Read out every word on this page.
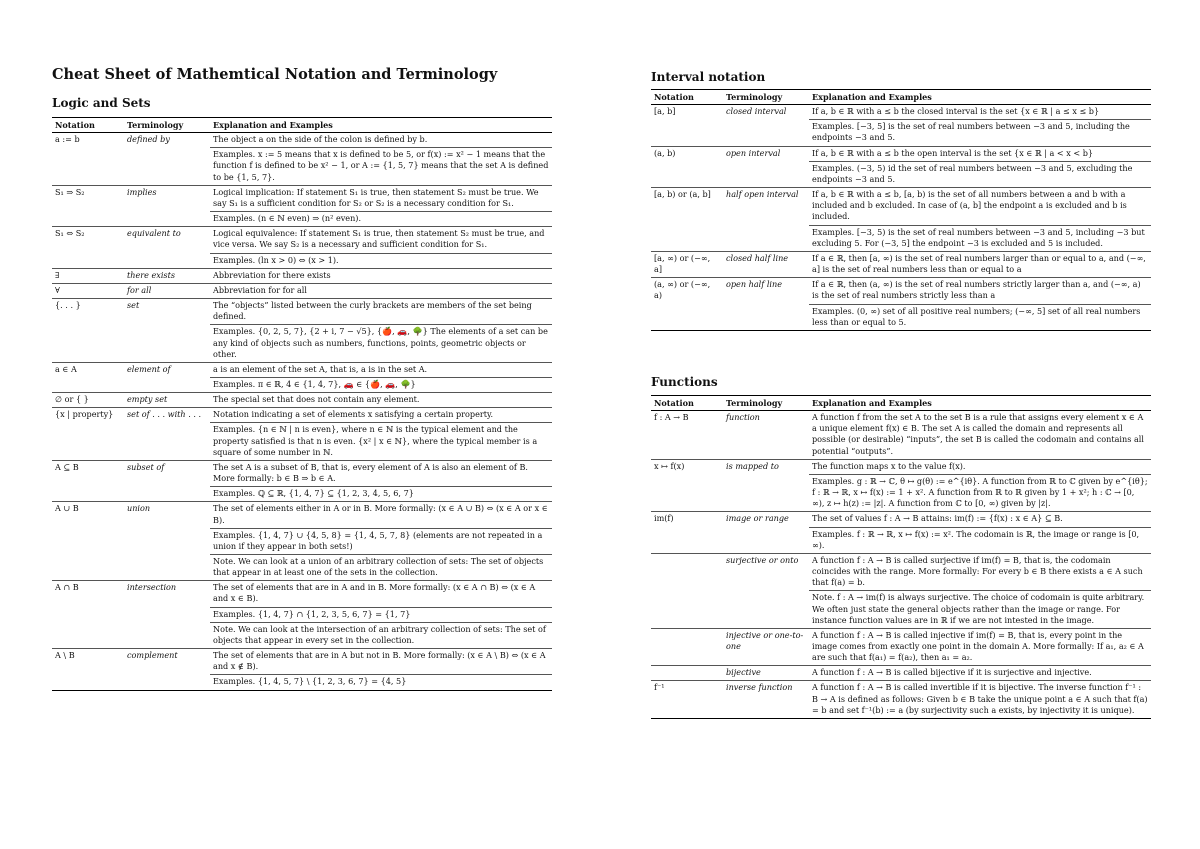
Cheat Sheet of Mathemtical Notation and Terminology
Logic and Sets
Notation	Terminology	Explanation and Examples
a := b	defined by	The object a on the side of the colon is defined by b.
		Examples. x := 5 means that x is defined to be 5, or f(x) := x² − 1 means that the function f is defined to be x² − 1, or A := {1, 5, 7} means that the set A is defined to be {1, 5, 7}.
S₁ ⇒ S₂	implies	Logical implication: If statement S₁ is true, then statement S₂ must be true. We say S₁ is a sufficient condition for S₂ or S₂ is a necessary condition for S₁.
		Examples. (n ∈ ℕ even) ⇒ (n² even).
S₁ ⇔ S₂	equivalent to	Logical equivalence: If statement S₁ is true, then statement S₂ must be true, and vice versa. We say S₂ is a necessary and sufficient condition for S₁.
		Examples. (ln x > 0) ⇔ (x > 1).
∃	there exists	Abbreviation for there exists
∀	for all	Abbreviation for for all
{. . . }	set	The “objects” listed between the curly brackets are members of the set being defined.
		Examples. {0, 2, 5, 7}, {2 + i, 7 − √5}, {🍎, 🚗, 🌳} The elements of a set can be any kind of objects such as numbers, functions, points, geometric objects or other.
a ∈ A	element of	a is an element of the set A, that is, a is in the set A.
		Examples. π ∈ ℝ, 4 ∈ {1, 4, 7}, 🚗 ∈ {🍎, 🚗, 🌳}
∅ or { }	empty set	The special set that does not contain any element.
{x | property}	set of . . . with . . .	Notation indicating a set of elements x satisfying a certain property.
		Examples. {n ∈ ℕ | n is even}, where n ∈ ℕ is the typical element and the property satisfied is that n is even. {x² | x ∈ ℕ}, where the typical member is a square of some number in ℕ.
A ⊆ B	subset of	The set A is a subset of B, that is, every element of A is also an element of B. More formally: b ∈ B ⇒ b ∈ A.
		Examples. ℚ ⊆ ℝ, {1, 4, 7} ⊆ {1, 2, 3, 4, 5, 6, 7}
A ∪ B	union	The set of elements either in A or in B. More formally: (x ∈ A ∪ B) ⇔ (x ∈ A or x ∈ B).
		Examples. {1, 4, 7} ∪ {4, 5, 8} = {1, 4, 5, 7, 8} (elements are not repeated in a union if they appear in both sets!)
		Note. We can look at a union of an arbitrary collection of sets: The set of objects that appear in at least one of the sets in the collection.
A ∩ B	intersection	The set of elements that are in A and in B. More formally: (x ∈ A ∩ B) ⇔ (x ∈ A and x ∈ B).
		Examples. {1, 4, 7} ∩ {1, 2, 3, 5, 6, 7} = {1, 7}
		Note. We can look at the intersection of an arbitrary collection of sets: The set of objects that appear in every set in the collection.
A \ B	complement	The set of elements that are in A but not in B. More formally: (x ∈ A \ B) ⇔ (x ∈ A and x ∉ B).
		Examples. {1, 4, 5, 7} \ {1, 2, 3, 6, 7} = {4, 5}
Interval notation
Notation	Terminology	Explanation and Examples
[a, b]	closed interval	If a, b ∈ ℝ with a ≤ b the closed interval is the set {x ∈ ℝ | a ≤ x ≤ b}
		Examples. [−3, 5] is the set of real numbers between −3 and 5, including the endpoints −3 and 5.
(a, b)	open interval	If a, b ∈ ℝ with a ≤ b the open interval is the set {x ∈ ℝ | a < x < b}
		Examples. (−3, 5) id the set of real numbers between −3 and 5, excluding the endpoints −3 and 5.
[a, b) or (a, b]	half open interval	If a, b ∈ ℝ with a ≤ b, [a, b) is the set of all numbers between a and b with a included and b excluded. In case of (a, b] the endpoint a is excluded and b is included.
		Examples. [−3, 5) is the set of real numbers between −3 and 5, including −3 but excluding 5. For (−3, 5] the endpoint −3 is excluded and 5 is included.
[a, ∞) or (−∞, a]	closed half line	If a ∈ ℝ, then [a, ∞) is the set of real numbers larger than or equal to a, and (−∞, a] is the set of real numbers less than or equal to a
(a, ∞) or (−∞, a)	open half line	If a ∈ ℝ, then (a, ∞) is the set of real numbers strictly larger than a, and (−∞, a) is the set of real numbers strictly less than a
		Examples. (0, ∞) set of all positive real numbers; (−∞, 5] set of all real numbers less than or equal to 5.
Functions
Notation	Terminology	Explanation and Examples
f : A → B	function	A function f from the set A to the set B is a rule that assigns every element x ∈ A a unique element f(x) ∈ B. The set A is called the domain and represents all possible (or desirable) “inputs”, the set B is called the codomain and contains all potential “outputs”.
x ↦ f(x)	is mapped to	The function maps x to the value f(x).
		Examples. g : ℝ → ℂ, θ ↦ g(θ) := e^{iθ}. A function from ℝ to ℂ given by e^{iθ}; f : ℝ → ℝ, x ↦ f(x) := 1 + x². A function from ℝ to ℝ given by 1 + x²; h : ℂ → [0, ∞), z ↦ h(z) := |z|. A function from ℂ to [0, ∞) given by |z|.
im(f)	image or range	The set of values f : A → B attains: im(f) := {f(x) : x ∈ A} ⊆ B.
		Examples. f : ℝ → ℝ, x ↦ f(x) := x². The codomain is ℝ, the image or range is [0, ∞).
	surjective or onto	A function f : A → B is called surjective if im(f) = B, that is, the codomain coincides with the range. More formally: For every b ∈ B there exists a ∈ A such that f(a) = b.
		Note. f : A → im(f) is always surjective. The choice of codomain is quite arbitrary. We often just state the general objects rather than the image or range. For instance function values are in ℝ if we are not intested in the image.
	injective or one-to-one	A function f : A → B is called injective if im(f) = B, that is, every point in the image comes from exactly one point in the domain A. More formally: If a₁, a₂ ∈ A are such that f(a₁) = f(a₂), then a₁ = a₂.
	bijective	A function f : A → B is called bijective if it is surjective and injective.
f⁻¹	inverse function	A function f : A → B is called invertible if it is bijective. The inverse function f⁻¹ : B → A is defined as follows: Given b ∈ B take the unique point a ∈ A such that f(a) = b and set f⁻¹(b) := a (by surjectivity such a exists, by injectivity it is unique).
